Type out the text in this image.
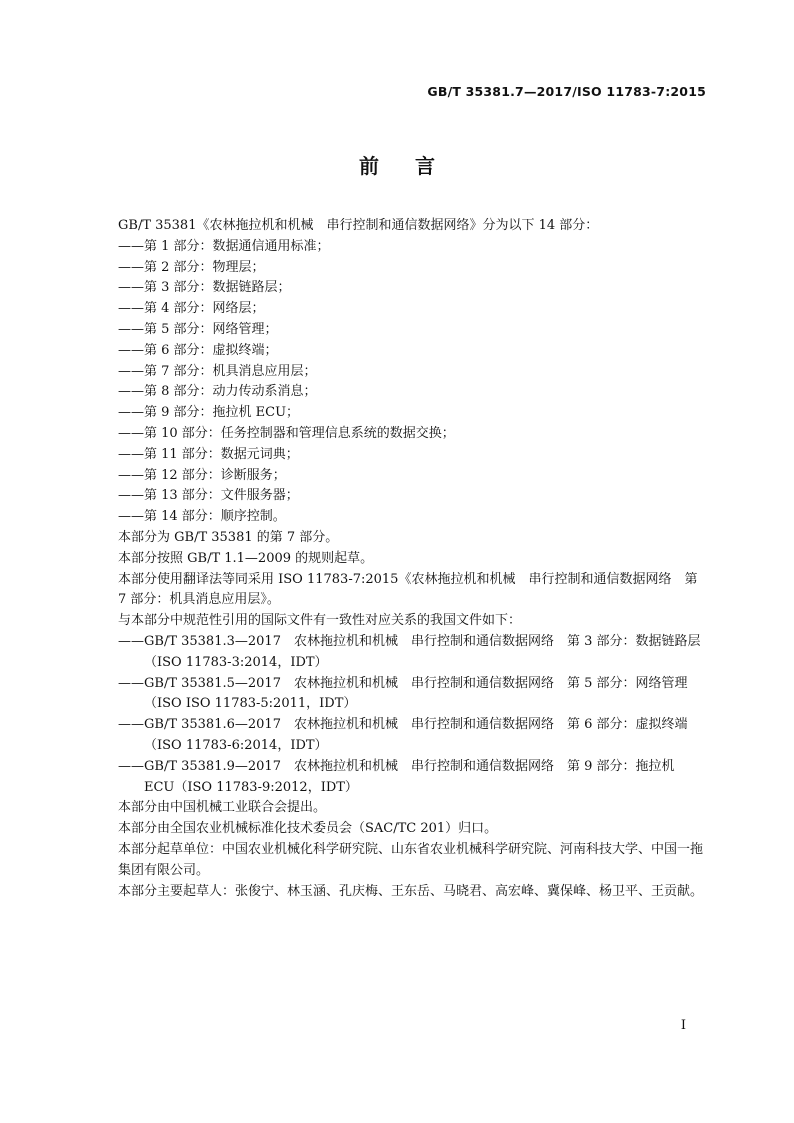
GB/T 35381.7—2017/ISO 11783-7:2015
前言

GB/T 35381《农林拖拉机和机械　串行控制和通信数据网络》分为以下 14 部分：

——第 1 部分：数据通信通用标准；

——第 2 部分：物理层；

——第 3 部分：数据链路层；

——第 4 部分：网络层；

——第 5 部分：网络管理；

——第 6 部分：虚拟终端；

——第 7 部分：机具消息应用层；

——第 8 部分：动力传动系消息；

——第 9 部分：拖拉机 ECU；

——第 10 部分：任务控制器和管理信息系统的数据交换；

——第 11 部分：数据元词典；

——第 12 部分：诊断服务；

——第 13 部分：文件服务器；

——第 14 部分：顺序控制。

本部分为 GB/T 35381 的第 7 部分。

本部分按照 GB/T 1.1—2009 的规则起草。

本部分使用翻译法等同采用 ISO 11783-7:2015《农林拖拉机和机械　串行控制和通信数据网络　第 7 部分：机具消息应用层》。

与本部分中规范性引用的国际文件有一致性对应关系的我国文件如下：

—— GB/T 35381.3—2017　农林拖拉机和机械　串行控制和通信数据网络　第 3 部分：数据链路层（ISO 11783-3:2014，IDT）
—— GB/T 35381.5—2017　农林拖拉机和机械　串行控制和通信数据网络　第 5 部分：网络管理（ISO ISO 11783-5:2011，IDT）
—— GB/T 35381.6—2017　农林拖拉机和机械　串行控制和通信数据网络　第 6 部分：虚拟终端（ISO 11783-6:2014，IDT）
—— GB/T 35381.9—2017　农林拖拉机和机械　串行控制和通信数据网络　第 9 部分：拖拉机 ECU（ISO 11783-9:2012，IDT）

本部分由中国机械工业联合会提出。

本部分由全国农业机械标准化技术委员会（SAC/TC 201）归口。

本部分起草单位：中国农业机械化科学研究院、山东省农业机械科学研究院、河南科技大学、中国一拖集团有限公司。

本部分主要起草人：张俊宁、林玉涵、孔庆梅、王东岳、马晓君、高宏峰、冀保峰、杨卫平、王贡献。

I
